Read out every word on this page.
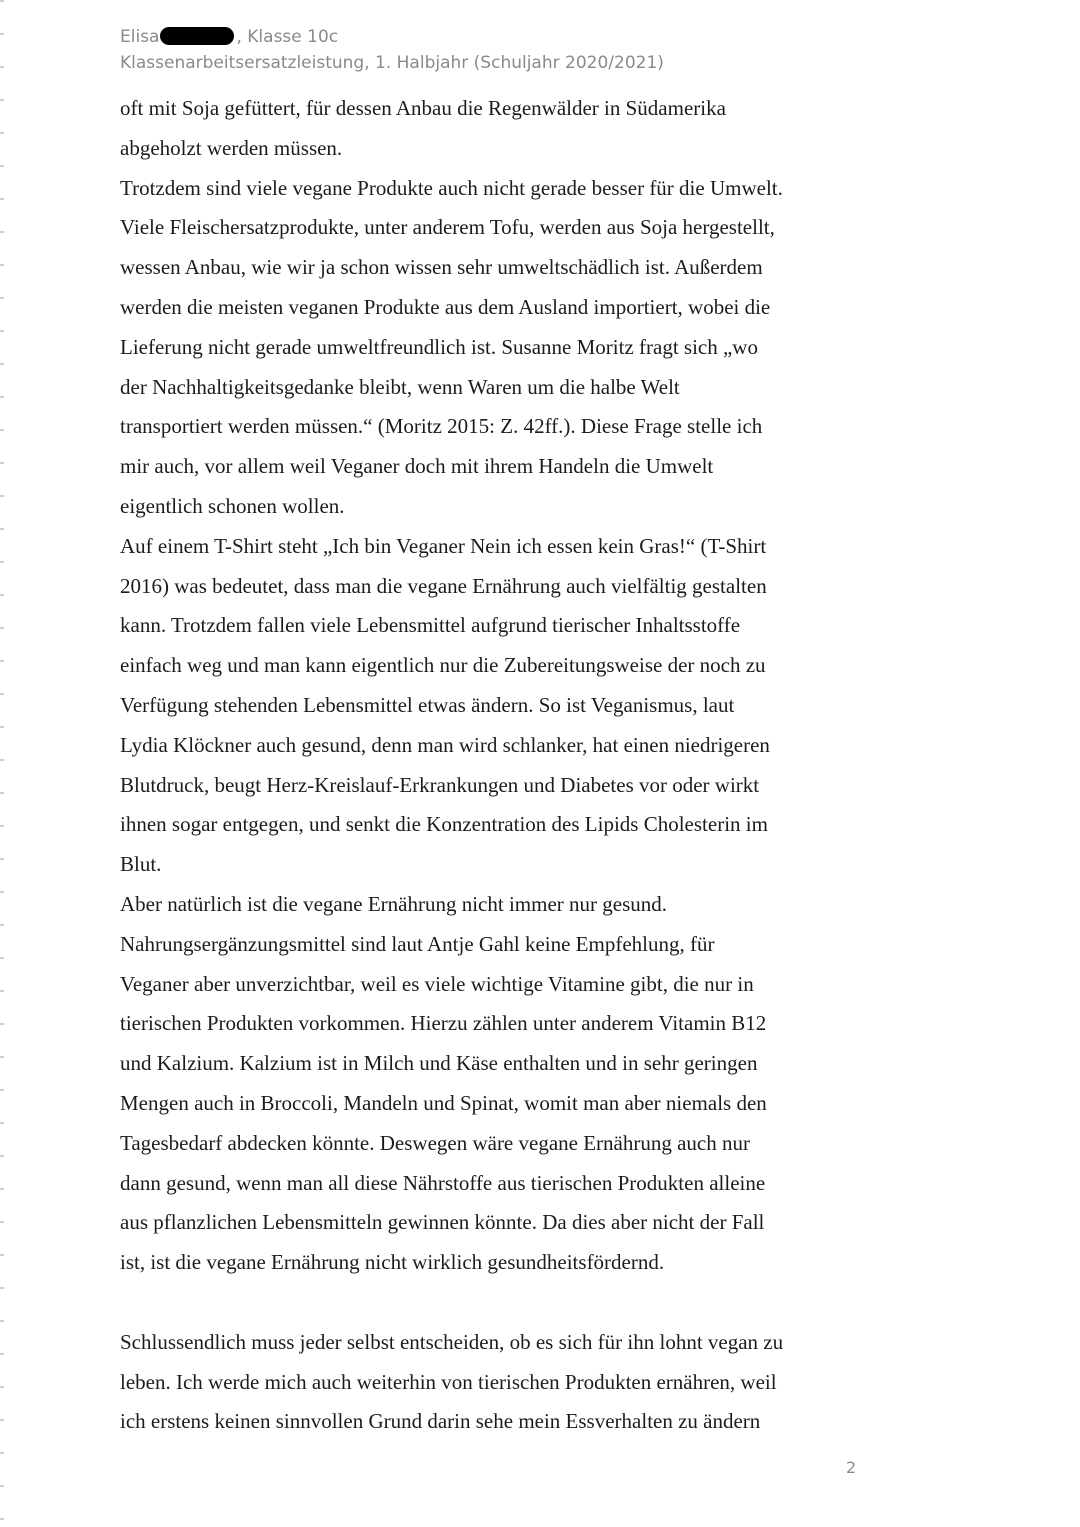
Elisa	, Klasse 10c
Klassenarbeitsersatzleistung, 1. Halbjahr (Schuljahr 2020/2021)
oft mit Soja gefüttert, für dessen Anbau die Regenwälder in Südamerika
abgeholzt werden müssen.
Trotzdem sind viele vegane Produkte auch nicht gerade besser für die Umwelt.
Viele Fleischersatzprodukte, unter anderem Tofu, werden aus Soja hergestellt,
wessen Anbau, wie wir ja schon wissen sehr umweltschädlich ist. Außerdem
werden die meisten veganen Produkte aus dem Ausland importiert, wobei die
Lieferung nicht gerade umweltfreundlich ist. Susanne Moritz fragt sich „wo
der Nachhaltigkeitsgedanke bleibt, wenn Waren um die halbe Welt
transportiert werden müssen.“ (Moritz 2015: Z. 42ff.). Diese Frage stelle ich
mir auch, vor allem weil Veganer doch mit ihrem Handeln die Umwelt
eigentlich schonen wollen.
Auf einem T-Shirt steht „Ich bin Veganer Nein ich essen kein Gras!“ (T-Shirt
2016) was bedeutet, dass man die vegane Ernährung auch vielfältig gestalten
kann. Trotzdem fallen viele Lebensmittel aufgrund tierischer Inhaltsstoffe
einfach weg und man kann eigentlich nur die Zubereitungsweise der noch zu
Verfügung stehenden Lebensmittel etwas ändern. So ist Veganismus, laut
Lydia Klöckner auch gesund, denn man wird schlanker, hat einen niedrigeren
Blutdruck, beugt Herz-Kreislauf-Erkrankungen und Diabetes vor oder wirkt
ihnen sogar entgegen, und senkt die Konzentration des Lipids Cholesterin im
Blut.
Aber natürlich ist die vegane Ernährung nicht immer nur gesund.
Nahrungsergänzungsmittel sind laut Antje Gahl keine Empfehlung, für
Veganer aber unverzichtbar, weil es viele wichtige Vitamine gibt, die nur in
tierischen Produkten vorkommen. Hierzu zählen unter anderem Vitamin B12
und Kalzium. Kalzium ist in Milch und Käse enthalten und in sehr geringen
Mengen auch in Broccoli, Mandeln und Spinat, womit man aber niemals den
Tagesbedarf abdecken könnte. Deswegen wäre vegane Ernährung auch nur
dann gesund, wenn man all diese Nährstoffe aus tierischen Produkten alleine
aus pflanzlichen Lebensmitteln gewinnen könnte. Da dies aber nicht der Fall
ist, ist die vegane Ernährung nicht wirklich gesundheitsfördernd.
Schlussendlich muss jeder selbst entscheiden, ob es sich für ihn lohnt vegan zu
leben. Ich werde mich auch weiterhin von tierischen Produkten ernähren, weil
ich erstens keinen sinnvollen Grund darin sehe mein Essverhalten zu ändern
2
